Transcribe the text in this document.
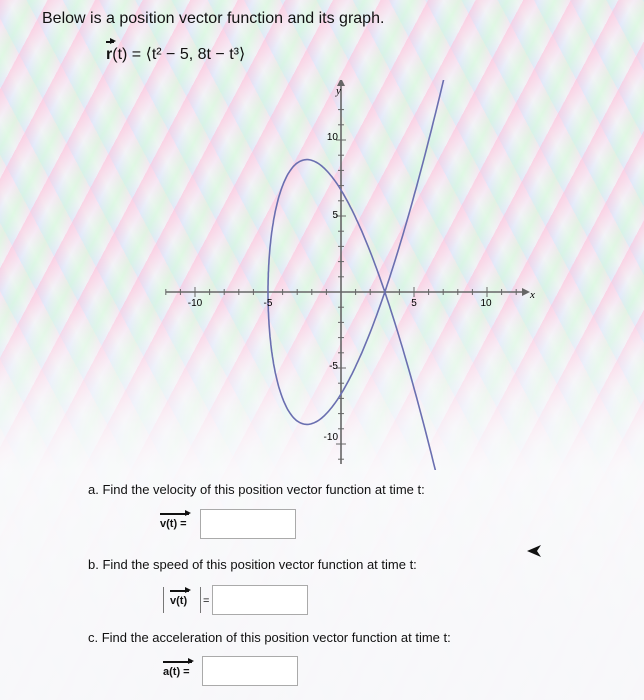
Below is a position vector function and its graph.
r(t) = ⟨t² − 5, 8t − t³⟩
x
y
-10	-5	5	10
10
5
-5
-10
a. Find the velocity of this position vector function at time t:
v(t) =
b. Find the speed of this position vector function at time t:
v(t) =
c. Find the acceleration of this position vector function at time t:
a(t) =
